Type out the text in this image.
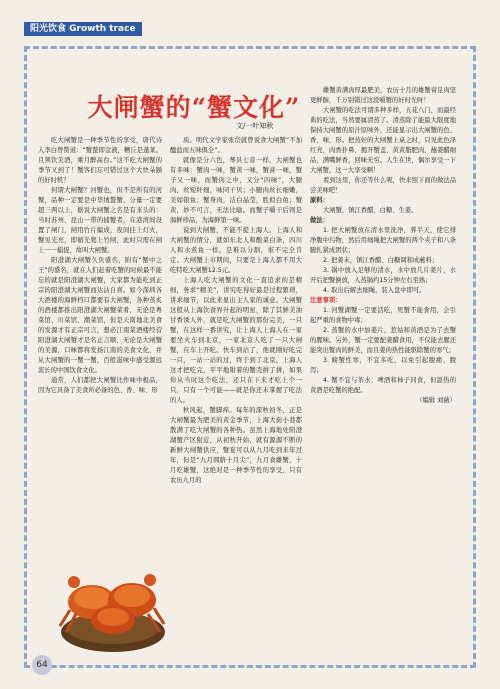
阳光饮食 Growth trace
大闸蟹的“蟹文化”
文/一叶知秋

吃大闸蟹是一种季节性的享受，唐代诗人李白曾赞道：“蟹螯即金液，糟丘是蓬莱。且须饮美酒，乘月醉高台。”这不吃大闸蟹的季节又到了！蟹客们忘可错过这个大快朵颐的好时机？

何谓大闸蟹？河蟹也，但不是所有的河蟹，品种一定要是中华绒螯蟹，分量一定要超三两以上，据说大闸蟹之名是有来头的：当时苏州、昆山一带的捕蟹者，在港湾间设置了闸门，闸用竹片编成，夜间挂上灯火，蟹见光亮，即循光爬上竹闸，此时只需在闸上一一捕捉，故叫大闸蟹。

阳澄湖大闸蟹久负盛名，附有“蟹中之王”的盛名，就在人们赶着吃蟹的时候最不能忘的就是阳澄湖大闸蟹，大家都为能吃到正宗的阳澄湖大闸蟹而达沾自喜。如今深圳各大酒楼的海鲜档口都要有大闸蟹，各种蒸炙的酒楼都推出阳澄湖大闸蟹菜肴，无论是粤菜馆、川菜馆、潮菜馆，但是天南地北美食的发源才有正宗可言，想必江南菜酒楼经营阳澄湖大闸蟹才是名正言顺，无论是大闸蟹的美源，口味都将发扬江南的美食文化，并从大闸蟹的一蟹一蟹，百般滋味中感受源远流长的中国饮食文化。

通常，人们都把大闸蟹比作味中极品，因为它具备了美食所必备的色、香、味、形

质。明代文学家张岱就曾说食大闸蟹“不加醯盐而五味俱全”。

就像是分六色，琴具七音一样，大闸蟹也有多味：蟹肉一味，蟹黄一味，蟹膏一味，蟹子又一味，而蟹肉之中，又分“四味”，大腿肉，丝短纤细，味同干贝；小腿肉丝长细嫩，美如银鱼；蟹身肉，洁白晶莹，胜似白鱼；蟹黄，妙不可言，无法比喻。而蟹子嚼干后则是海鲜珍品，为海鲜第一味。

说到大闸蟹，不能不提上海人。上海人和大闸蟹的情分，就如东北人和酸菜白条，四川人和水煮鱼一样，是难以分割，谁不完全肯定。大闸蟹上市期间，只要是上海人都不用大吃特吃大闸蟹12.5元。

上海人吃大闸蟹的文化一直追求的是精细，务求“精美”，讲究吃得好最是过程繁琐，讲求细节，以此来显出主人家的诚意。大闸蟹这般从上海饮食界升起的明星，除了其鲜美油甘香诱人外，就是吃大闸蟹的那份完美，一只蟹，在这样一番讲究，让上海人上海人在一家要坐火车到北京，一家北京人吃了一只大闸蟹，在车上开吃。快车到站了，他就刚好吃完一只，一站一站的过，终于到了北京，上海人这才把吃完，平平地钳着的蟹壳拼了拼，如果你从当时这个吃法，还只在下来才吃上个一只，只有一个可能——就是你还未掌握了吃法的人。

秋风起，蟹脚痒。每年的深秋初冬，正是大闸蟹最为肥美的黄金季节，上海大街小巷都散满了吃大闸蟹的各种热。虽然上海地处阳澄湖蟹产区附近，从初秋开始，就有源源不断的新鲜大闸蟹供应，蟹宴可以从九月吃到来年过年，但是“九月圆脐十月尖”，九月食雌蟹，十月吃雄蟹，这绝对是一种季节性的享受，只有农历九月的

雌蟹黄满肉厚最肥美，农历十月的雄蟹膏足肉坚更鲜醇，千万别错过这段嚼蟹的好时光呀！

大闸蟹的吃法可谓多种多样，五花八门，而最经典的吃法，当然要属清蒸了。清蒸除了能最大限度地保持大闸蟹的原汁原味外，还能显示出大闸蟹的色、香、味，形。把蒸好的大闸蟹上桌之时，只见此色泽红亮，肉香扑鼻，揭开蟹盖，黄黄脂肥肉，蘸姜醋细品，满嘴鲜香，回味无穷。人生在世，偶尔享受一下大闸蟹，这一大享受啊！

看到这里，你还等什么呢，快来照下面的做法品尝美味吧！

原料：

大闸蟹，镇江香醋、白糖、生姜。

做法：

1. 把大闸蟹放在清水里洗净，养半天，使它排净腹中污物，然后用细绳把大闸蟹的两个夹子和八条腿扎紧成团状；

2. 把姜末，镇江香醋、白糖调和成蘸料；

3. 锅中放入足够的清水，水中放几片姜片，水开后把蟹倒放，入蒸锅约15分钟左右至熟；

4. 取出后解去细绳，装入盘中即可。

注意事项：

1. 河蟹湖蟹一定要活吃，死蟹不能食用，会引起严重的食物中毒；

2. 蒸蟹的水中加姜片，惹姑和黄酒是为了去蟹的腥味。另外，蟹一定要配姜醋食用，不仅能去腥还能突出蟹肉的鲜美，而且姜的热性能驱除蟹的寒气；

3. 螃蟹性寒，不宜多吃，以免引起腹痛、腹泻；

4. 蟹不宜与茶水、啤酒和柿子同食，但温热的黄酒是吃蟹的绝配。

（编辑 刘薇）

64
